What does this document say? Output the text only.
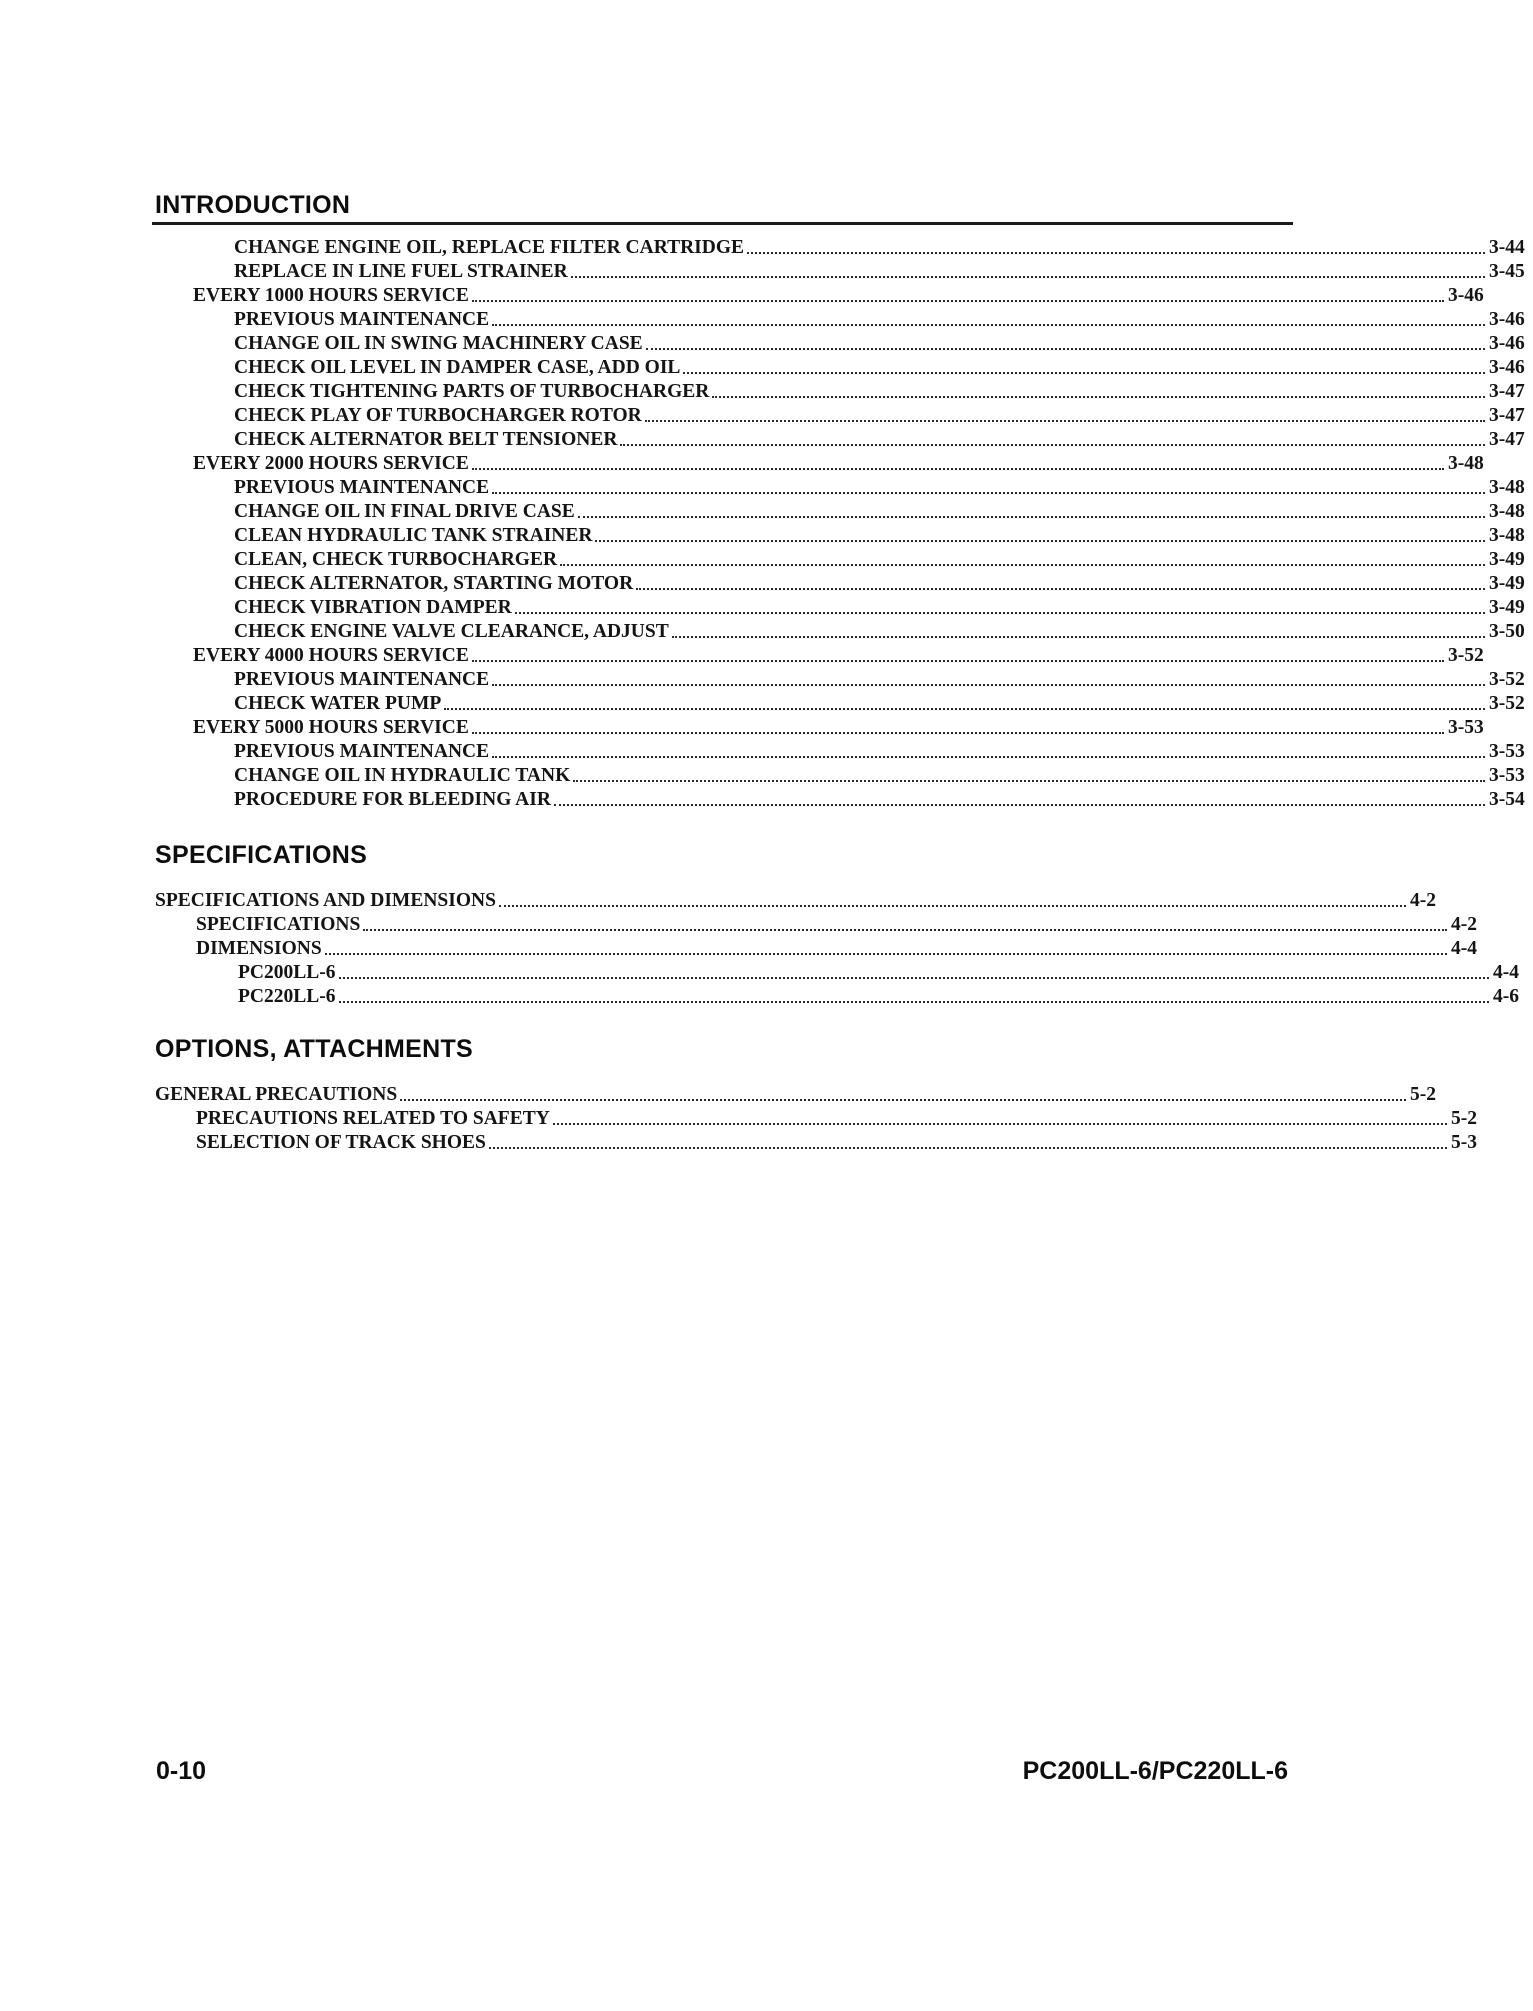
INTRODUCTION
CHANGE ENGINE OIL, REPLACE FILTER CARTRIDGE	3-44
REPLACE IN LINE FUEL STRAINER	3-45
EVERY 1000 HOURS SERVICE	3-46
PREVIOUS MAINTENANCE	3-46
CHANGE OIL IN SWING MACHINERY CASE	3-46
CHECK OIL LEVEL IN DAMPER CASE, ADD OIL	3-46
CHECK TIGHTENING PARTS OF TURBOCHARGER	3-47
CHECK PLAY OF TURBOCHARGER ROTOR	3-47
CHECK ALTERNATOR BELT TENSIONER	3-47
EVERY 2000 HOURS SERVICE	3-48
PREVIOUS MAINTENANCE	3-48
CHANGE OIL IN FINAL DRIVE CASE	3-48
CLEAN HYDRAULIC TANK STRAINER	3-48
CLEAN, CHECK TURBOCHARGER	3-49
CHECK ALTERNATOR, STARTING MOTOR	3-49
CHECK VIBRATION DAMPER	3-49
CHECK ENGINE VALVE CLEARANCE, ADJUST	3-50
EVERY 4000 HOURS SERVICE	3-52
PREVIOUS MAINTENANCE	3-52
CHECK WATER PUMP	3-52
EVERY 5000 HOURS SERVICE	3-53
PREVIOUS MAINTENANCE	3-53
CHANGE OIL IN HYDRAULIC TANK	3-53
PROCEDURE FOR BLEEDING AIR	3-54
SPECIFICATIONS
SPECIFICATIONS AND DIMENSIONS	4-2
SPECIFICATIONS	4-2
DIMENSIONS	4-4
PC200LL-6	4-4
PC220LL-6	4-6
OPTIONS, ATTACHMENTS
GENERAL PRECAUTIONS	5-2
PRECAUTIONS RELATED TO SAFETY	5-2
SELECTION OF TRACK SHOES	5-3
0-10	PC200LL-6/PC220LL-6
